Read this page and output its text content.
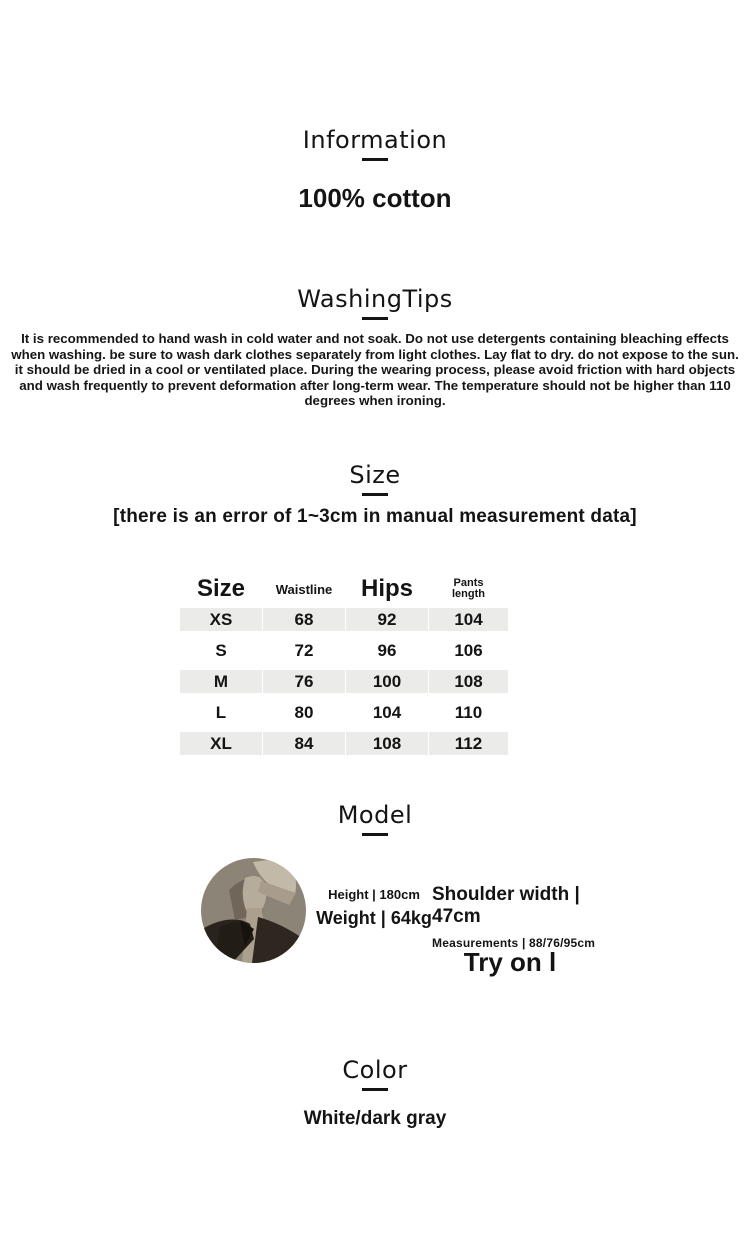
Information
100% cotton
WashingTips
It is recommended to hand wash in cold water and not soak. Do not use detergents containing bleaching effects when washing. be sure to wash dark clothes separately from light clothes. Lay flat to dry. do not expose to the sun. it should be dried in a cool or ventilated place. During the wearing process, please avoid friction with hard objects and wash frequently to prevent deformation after long-term wear. The temperature should not be higher than 110 degrees when ironing.
Size
[there is an error of 1~3cm in manual measurement data]
Size	Waistline	Hips	Pants length
XS	68	92	104
S	72	96	106
M	76	100	108
L	80	104	110
XL	84	108	112
Model
Height | 180cm
Weight | 64kg
Shoulder width | 47cm
Measurements | 88/76/95cm
Try on l
Color
White/dark gray
